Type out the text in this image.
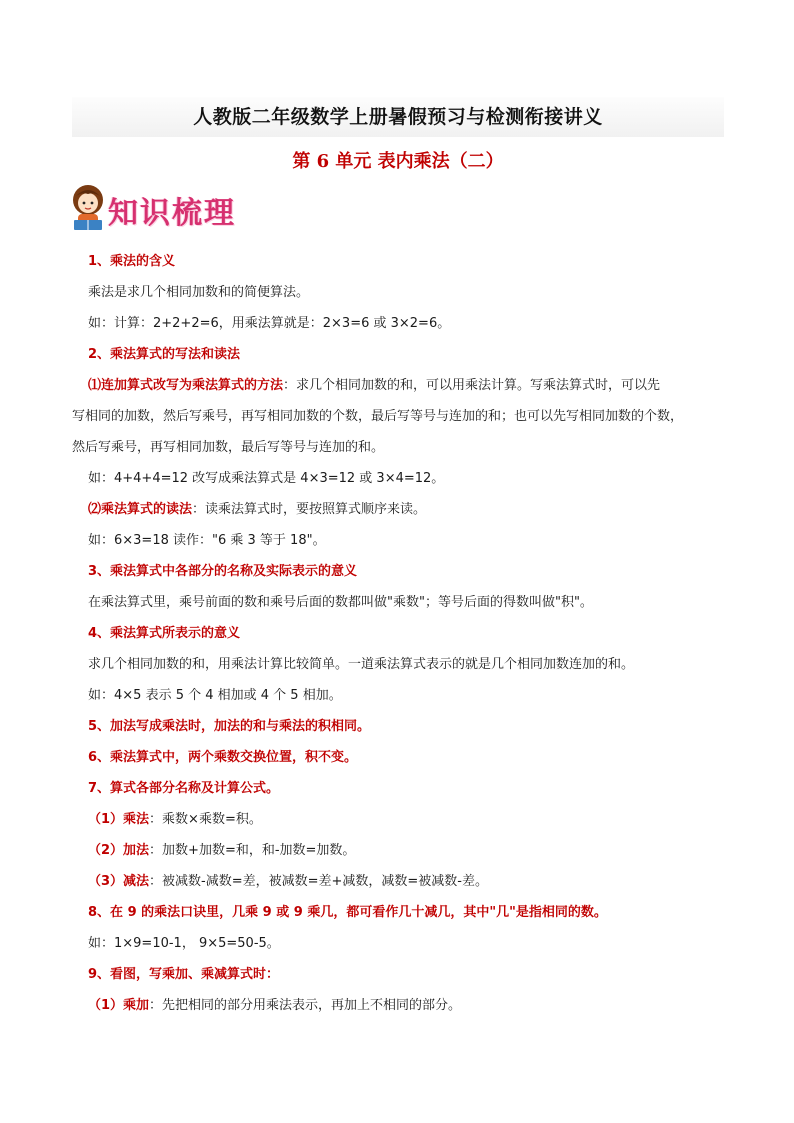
人教版二年级数学上册暑假预习与检测衔接讲义
第 6 单元 表内乘法（二）
知识梳理
1、乘法的含义
乘法是求几个相同加数和的简便算法。
如：计算：2+2+2=6，用乘法算就是：2×3=6 或 3×2=6。
2、乘法算式的写法和读法
⑴连加算式改写为乘法算式的方法：求几个相同加数的和，可以用乘法计算。写乘法算式时，可以先
写相同的加数，然后写乘号，再写相同加数的个数，最后写等号与连加的和；也可以先写相同加数的个数，
然后写乘号，再写相同加数，最后写等号与连加的和。
如：4+4+4=12 改写成乘法算式是 4×3=12 或 3×4=12。
⑵乘法算式的读法：读乘法算式时，要按照算式顺序来读。
如：6×3=18 读作："6 乘 3 等于 18"。
3、乘法算式中各部分的名称及实际表示的意义
在乘法算式里，乘号前面的数和乘号后面的数都叫做"乘数"；等号后面的得数叫做"积"。
4、乘法算式所表示的意义
求几个相同加数的和，用乘法计算比较简单。一道乘法算式表示的就是几个相同加数连加的和。
如：4×5 表示 5 个 4 相加或 4 个 5 相加。
5、加法写成乘法时，加法的和与乘法的积相同。
6、乘法算式中，两个乘数交换位置，积不变。
7、算式各部分名称及计算公式。
（1）乘法：乘数×乘数=积。
（2）加法：加数+加数=和，和-加数=加数。
（3）减法：被减数-减数=差，被减数=差+减数，减数=被减数-差。
8、在 9 的乘法口诀里，几乘 9 或 9 乘几，都可看作几十减几，其中"几"是指相同的数。
如：1×9=10-1， 9×5=50-5。
9、看图，写乘加、乘减算式时：
（1）乘加：先把相同的部分用乘法表示，再加上不相同的部分。
